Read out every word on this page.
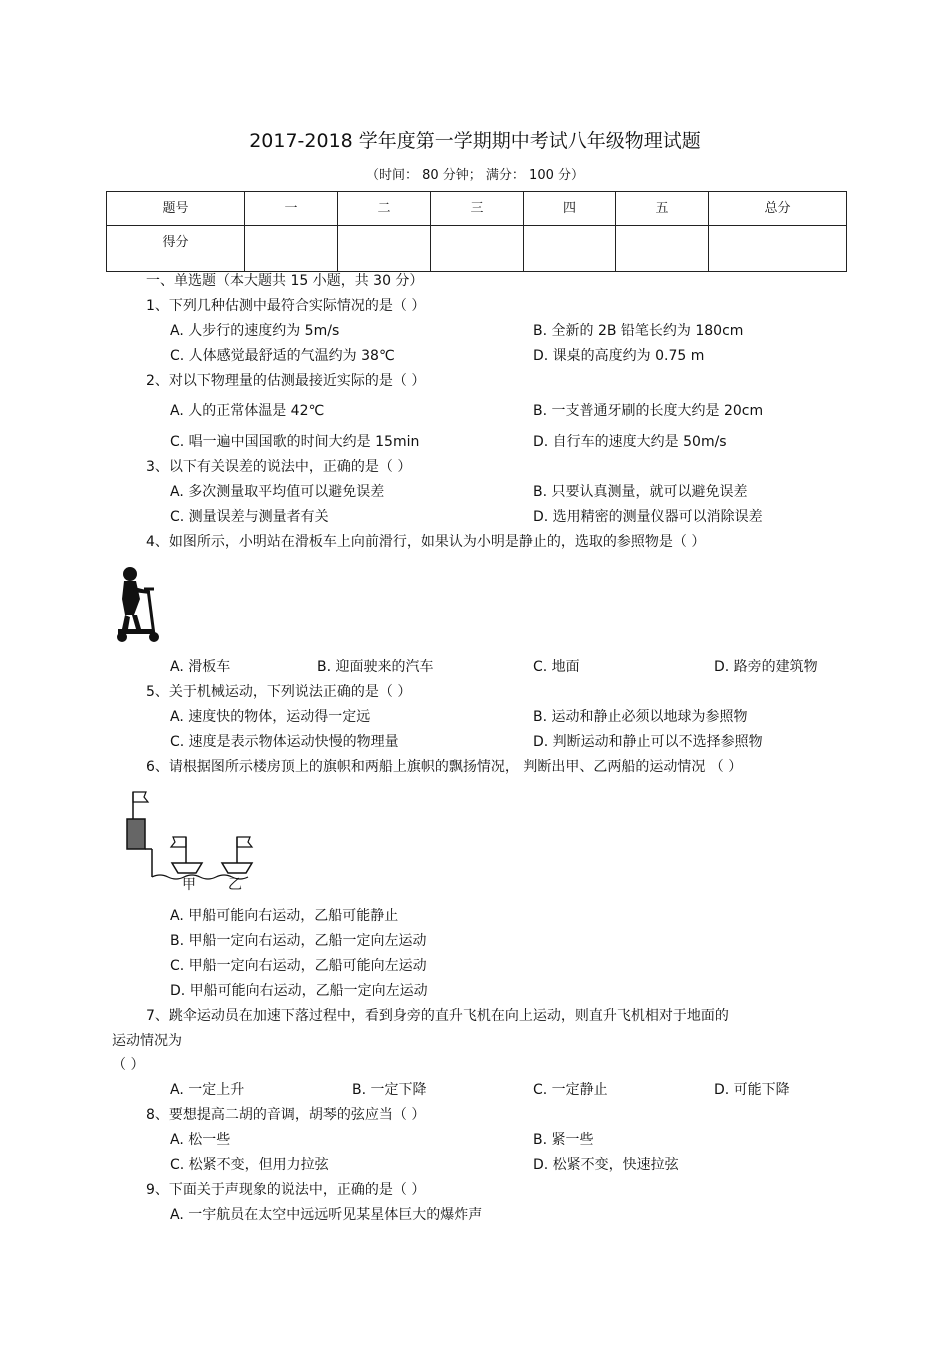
2017-2018 学年度第一学期期中考试八年级物理试题
（时间： 80 分钟； 满分： 100 分）
题号	一	二	三	四	五	总分
得分						
一、单选题（本大题共 15 小题，共 30 分）
1、下列几种估测中最符合实际情况的是（ ）
A. 人步行的速度约为 5m/s	B. 全新的 2B 铅笔长约为 180cm
C. 人体感觉最舒适的气温约为 38℃	D. 课桌的高度约为 0.75 m
2、对以下物理量的估测最接近实际的是（ ）
A. 人的正常体温是 42℃	B. 一支普通牙刷的长度大约是 20cm
C. 唱一遍中国国歌的时间大约是 15min	D. 自行车的速度大约是 50m/s
3、以下有关误差的说法中，正确的是（ ）
A. 多次测量取平均值可以避免误差	B. 只要认真测量，就可以避免误差
C. 测量误差与测量者有关	D. 选用精密的测量仪器可以消除误差
4、如图所示，小明站在滑板车上向前滑行，如果认为小明是静止的，选取的参照物是（ ）
A. 滑板车	B. 迎面驶来的汽车	C. 地面	D. 路旁的建筑物
5、关于机械运动，下列说法正确的是（ ）
A. 速度快的物体，运动得一定远	B. 运动和静止必须以地球为参照物
C. 速度是表示物体运动快慢的物理量	D. 判断运动和静止可以不选择参照物
6、请根据图所示楼房顶上的旗帜和两船上旗帜的飘扬情况， 判断出甲、乙两船的运动情况 （ ）
甲 乙
A. 甲船可能向右运动，乙船可能静止
B. 甲船一定向右运动，乙船一定向左运动
C. 甲船一定向右运动，乙船可能向左运动
D. 甲船可能向右运动，乙船一定向左运动
7、跳伞运动员在加速下落过程中，看到身旁的直升飞机在向上运动，则直升飞机相对于地面的
运动情况为
（ ）
A. 一定上升	B. 一定下降	C. 一定静止	D. 可能下降
8、要想提高二胡的音调，胡琴的弦应当（ ）
A. 松一些	B. 紧一些
C. 松紧不变，但用力拉弦	D. 松紧不变，快速拉弦
9、下面关于声现象的说法中，正确的是（ ）
A. 一宇航员在太空中远远听见某星体巨大的爆炸声
